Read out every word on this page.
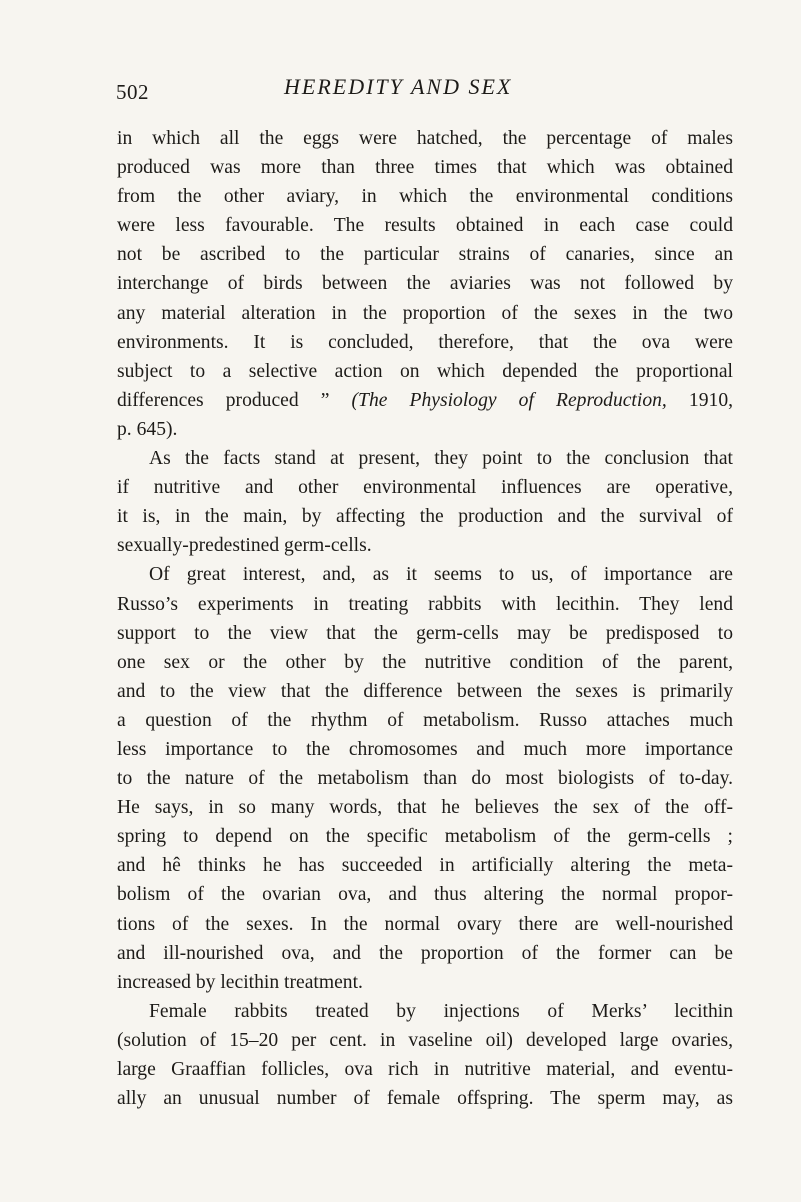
502	HEREDITY AND SEX
in which all the eggs were hatched, the percentage of males
produced was more than three times that which was obtained
from the other aviary, in which the environmental conditions
were less favourable. The results obtained in each case could
not be ascribed to the particular strains of canaries, since an
interchange of birds between the aviaries was not followed by
any material alteration in the proportion of the sexes in the two
environments. It is concluded, therefore, that the ova were
subject to a selective action on which depended the proportional
differences produced ” (The Physiology of Reproduction, 1910,
p. 645).
As the facts stand at present, they point to the conclusion that
if nutritive and other environmental influences are operative,
it is, in the main, by affecting the production and the survival of
sexually-predestined germ-cells.
Of great interest, and, as it seems to us, of importance are
Russo’s experiments in treating rabbits with lecithin. They lend
support to the view that the germ-cells may be predisposed to
one sex or the other by the nutritive condition of the parent,
and to the view that the difference between the sexes is primarily
a question of the rhythm of metabolism. Russo attaches much
less importance to the chromosomes and much more importance
to the nature of the metabolism than do most biologists of to-day.
He says, in so many words, that he believes the sex of the off-
spring to depend on the specific metabolism of the germ-cells ;
and hê thinks he has succeeded in artificially altering the meta-
bolism of the ovarian ova, and thus altering the normal propor-
tions of the sexes. In the normal ovary there are well-nourished
and ill-nourished ova, and the proportion of the former can be
increased by lecithin treatment.
Female rabbits treated by injections of Merks’ lecithin
(solution of 15–20 per cent. in vaseline oil) developed large ovaries,
large Graaffian follicles, ova rich in nutritive material, and eventu-
ally an unusual number of female offspring. The sperm may, as
